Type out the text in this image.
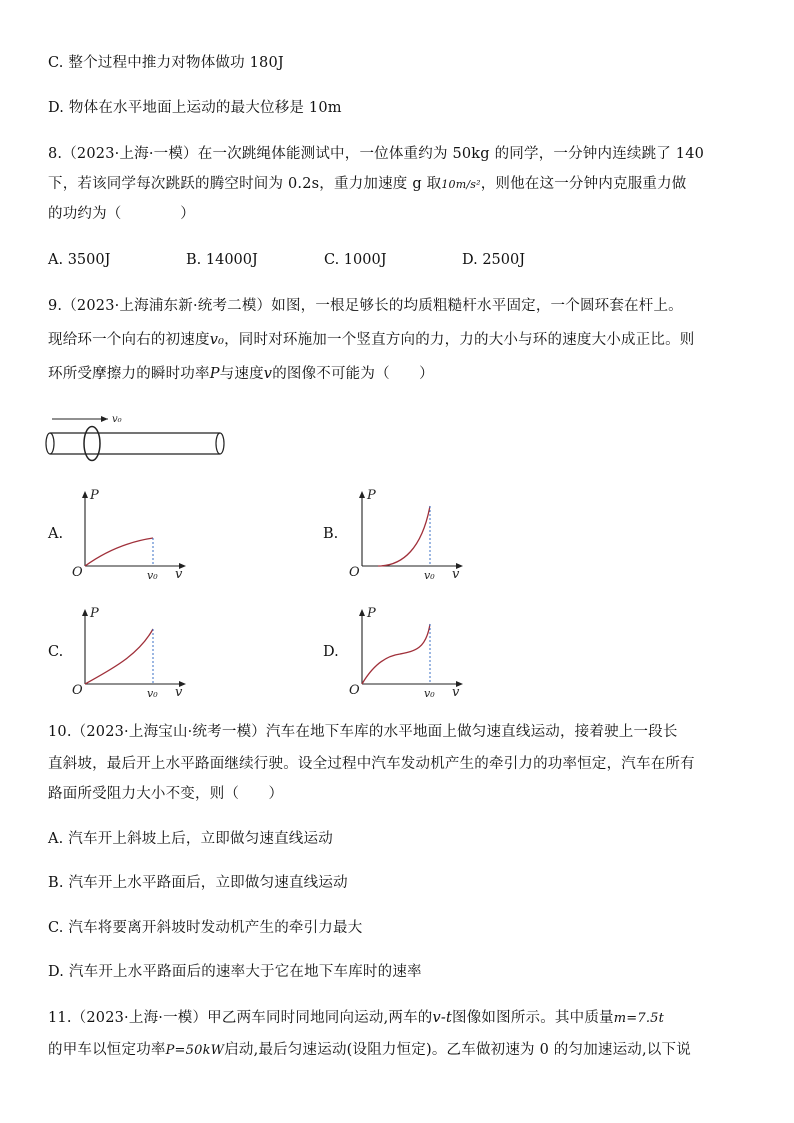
C. 整个过程中推力对物体做功 180J
D. 物体在水平地面上运动的最大位移是 10m
8.（2023·上海·一模）在一次跳绳体能测试中，一位体重约为 50kg 的同学，一分钟内连续跳了 140
下，若该同学每次跳跃的腾空时间为 0.2s，重力加速度 g 取10m/s²，则他在这一分钟内克服重力做
的功约为（　　　　）
A. 3500J	B. 14000J	C. 1000J	D. 2500J
9.（2023·上海浦东新·统考二模）如图，一根足够长的均质粗糙杆水平固定，一个圆环套在杆上。
现给环一个向右的初速度v₀，同时对环施加一个竖直方向的力，力的大小与环的速度大小成正比。则
环所受摩擦力的瞬时功率P与速度v的图像不可能为（　　）
v₀
A.	B.
C.	D.
P
O	v₀ v
P
O	v₀ v
P
O	v₀ v
P
O	v₀ v
10.（2023·上海宝山·统考一模）汽车在地下车库的水平地面上做匀速直线运动，接着驶上一段长
直斜坡，最后开上水平路面继续行驶。设全过程中汽车发动机产生的牵引力的功率恒定，汽车在所有
路面所受阻力大小不变，则（　　）
A. 汽车开上斜坡上后，立即做匀速直线运动
B. 汽车开上水平路面后，立即做匀速直线运动
C. 汽车将要离开斜坡时发动机产生的牵引力最大
D. 汽车开上水平路面后的速率大于它在地下车库时的速率
11.（2023·上海·一模）甲乙两车同时同地同向运动,两车的v-t图像如图所示。其中质量m=7.5t
的甲车以恒定功率P=50kW启动,最后匀速运动(设阻力恒定)。乙车做初速为 0 的匀加速运动,以下说
